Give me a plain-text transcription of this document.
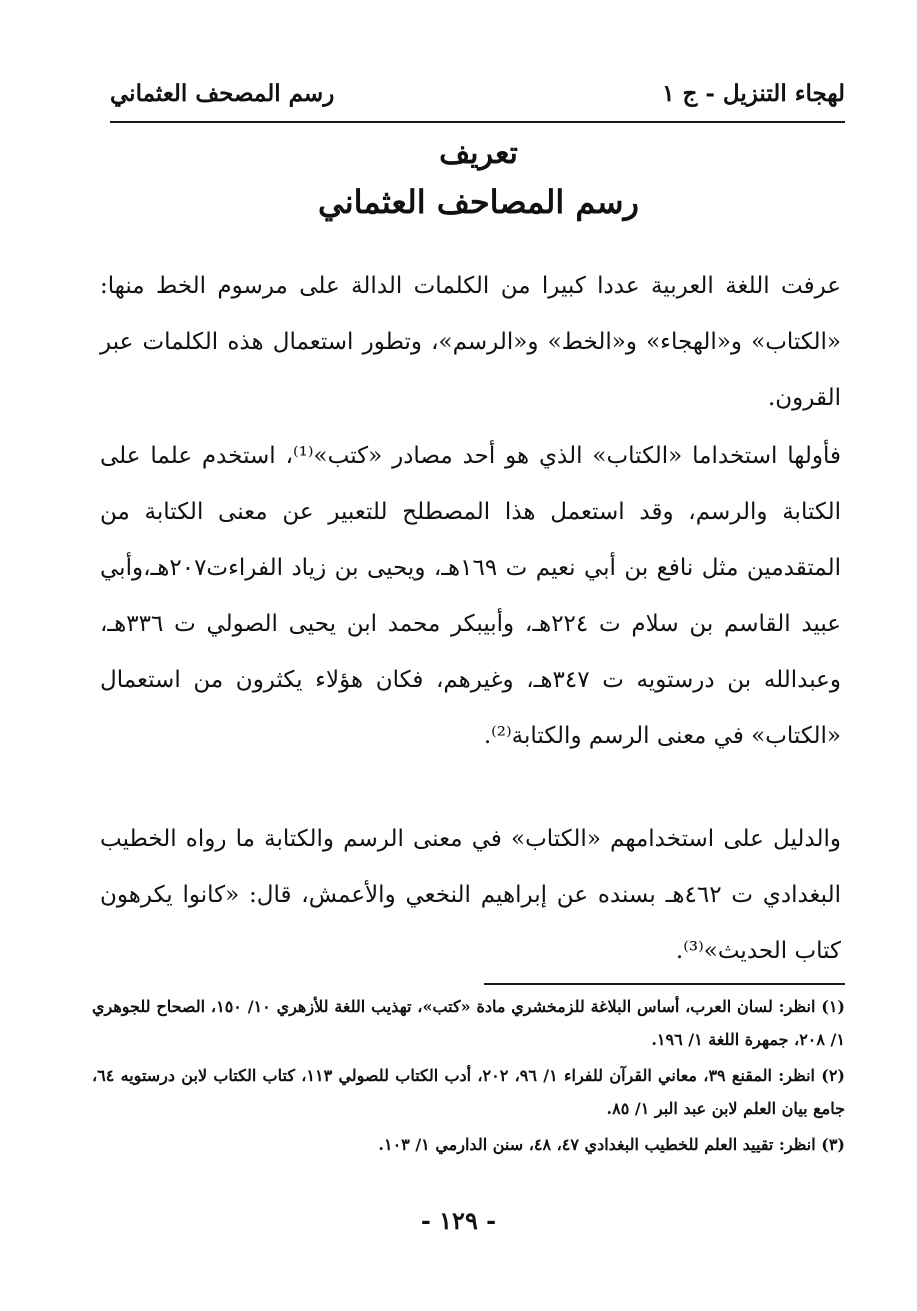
لهجاء التنزيل - ج ١
رسم المصحف العثماني
تعريف
رسم المصاحف العثماني

عرفت اللغة العربية عددا كبيرا من الكلمات الدالة على مرسوم الخط منها: «الكتاب» و«الهجاء» و«الخط» و«الرسم»، وتطور استعمال هذه الكلمات عبر القرون.

فأولها استخداما «الكتاب» الذي هو أحد مصادر «كتب»⁽¹⁾، استخدم علما على الكتابة والرسم، وقد استعمل هذا المصطلح للتعبير عن معنى الكتابة من المتقدمين مثل نافع بن أبي نعيم ت ١٦٩هـ، ويحيى بن زياد الفراءت٢٠٧هـ،وأبي عبيد القاسم بن سلام ت ٢٢٤هـ، وأبيبكر محمد ابن يحيى الصولي ت ٣٣٦هـ، وعبدالله بن درستويه ت ٣٤٧هـ، وغيرهم، فكان هؤلاء يكثرون من استعمال «الكتاب» في معنى الرسم والكتابة⁽²⁾.

والدليل على استخدامهم «الكتاب» في معنى الرسم والكتابة ما رواه الخطيب البغدادي ت ٤٦٢هـ بسنده عن إبراهيم النخعي والأعمش، قال: «كانوا يكرهون كتاب الحديث»⁽³⁾.

(١) انظر: لسان العرب، أساس البلاغة للزمخشري مادة «كتب»، تهذيب اللغة للأزهري ١٠/ ١٥٠، الصحاح للجوهري ١/ ٢٠٨، جمهرة اللغة ١/ ١٩٦.

(٢) انظر: المقنع ٣٩، معاني القرآن للفراء ١/ ٩٦، ٢٠٢، أدب الكتاب للصولي ١١٣، كتاب الكتاب لابن درستويه ٦٤، جامع بيان العلم لابن عبد البر ١/ ٨٥.

(٣) انظر: تقييد العلم للخطيب البغدادي ٤٧، ٤٨، سنن الدارمي ١/ ١٠٣.

- ١٢٩ -
